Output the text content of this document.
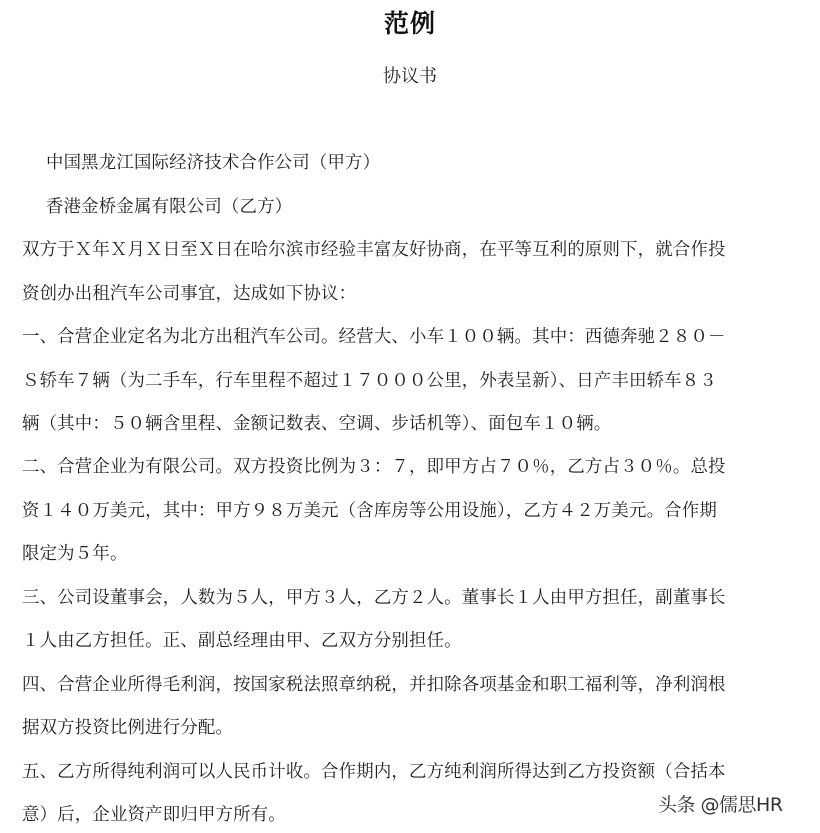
范例
协议书
中国黑龙江国际经济技术合作公司（甲方）
香港金桥金属有限公司（乙方）
双方于Ｘ年Ｘ月Ｘ日至Ｘ日在哈尔滨市经验丰富友好协商，在平等互利的原则下，就合作投
资创办出租汽车公司事宜，达成如下协议：
一、合营企业定名为北方出租汽车公司。经营大、小车１００辆。其中：西德奔驰２８０－
Ｓ轿车７辆（为二手车，行车里程不超过１７０００公里，外表呈新）、日产丰田轿车８３
辆（其中：５０辆含里程、金额记数表、空调、步话机等）、面包车１０辆。
二、合营企业为有限公司。双方投资比例为３：７，即甲方占７０％，乙方占３０％。总投
资１４０万美元，其中：甲方９８万美元（含库房等公用设施），乙方４２万美元。合作期
限定为５年。
三、公司设董事会，人数为５人，甲方３人，乙方２人。董事长１人由甲方担任，副董事长
１人由乙方担任。正、副总经理由甲、乙双方分别担任。
四、合营企业所得毛利润，按国家税法照章纳税，并扣除各项基金和职工福利等，净利润根
据双方投资比例进行分配。
五、乙方所得纯利润可以人民币计收。合作期内，乙方纯利润所得达到乙方投资额（合括本
意）后，企业资产即归甲方所有。	头条 @儒思HR
